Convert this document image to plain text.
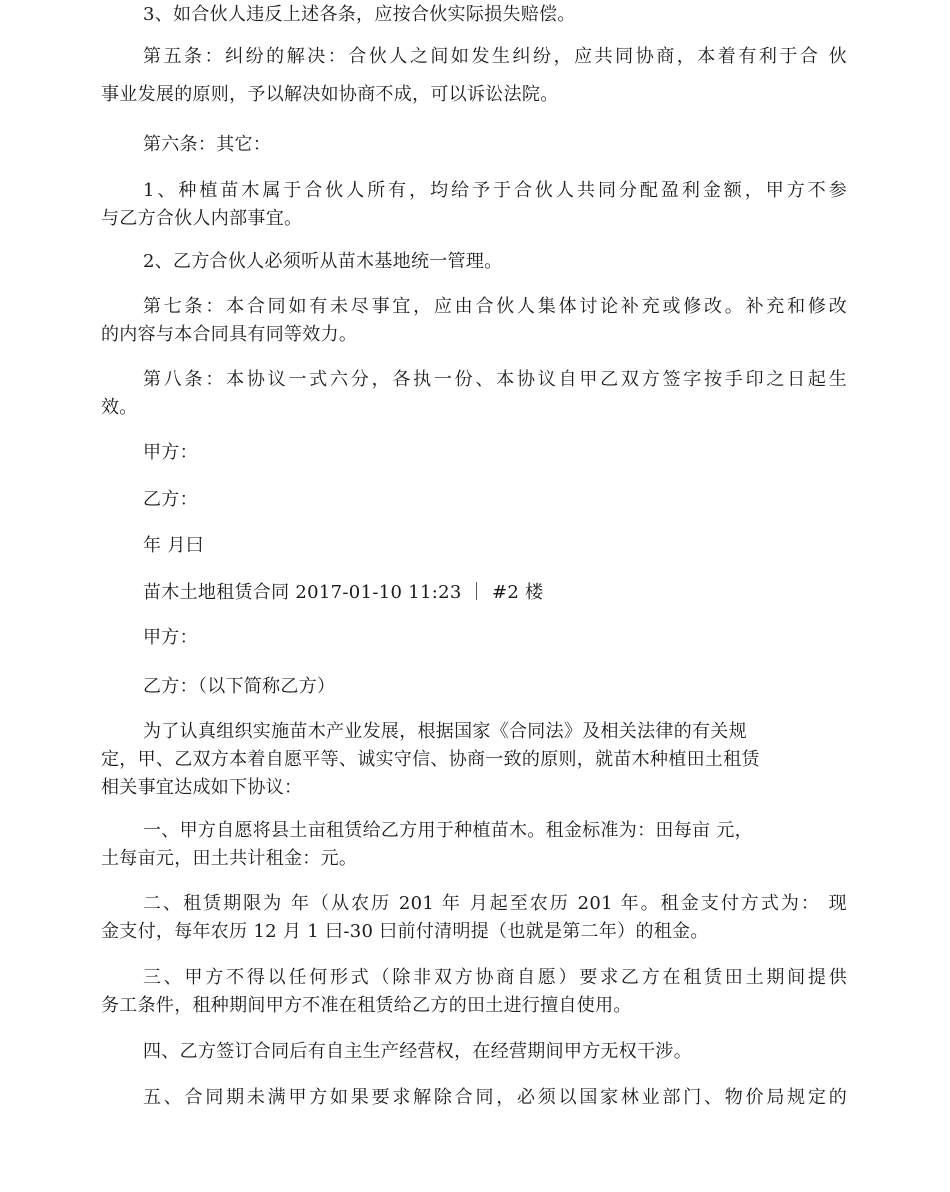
3、如合伙人违反上述各条，应按合伙实际损失赔偿。
第五条：纠纷的解决：合伙人之间如发生纠纷，应共同协商，本着有利于合 伙
事业发展的原则，予以解决如协商不成，可以诉讼法院。
第六条：其它：
1、种植苗木属于合伙人所有，均给予于合伙人共同分配盈利金额，甲方不参
与乙方合伙人内部事宜。
2、乙方合伙人必须听从苗木基地统一管理。
第七条：本合同如有未尽事宜，应由合伙人集体讨论补充或修改。补充和修改
的内容与本合同具有同等效力。
第八条：本协议一式六分，各执一份、本协议自甲乙双方签字按手印之日起生
效。
甲方：
乙方：
年 月曰
苗木土地租赁合同 2017-01-10 11:23 ｜ #2 楼
甲方：
乙方：（以下简称乙方）
为了认真组织实施苗木产业发展，根据国家《合同法》及相关法律的有关规
定，甲、乙双方本着自愿平等、诚实守信、协商一致的原则，就苗木种植田土租赁
相关事宜达成如下协议：
一、甲方自愿将县土亩租赁给乙方用于种植苗木。租金标准为：田每亩 元，
土每亩元，田土共计租金：元。
二、租赁期限为 年（从农历 201 年 月起至农历 201 年。租金支付方式为： 现
金支付，每年农历 12 月 1 曰-30 曰前付清明提（也就是第二年）的租金。
三、甲方不得以任何形式（除非双方协商自愿）要求乙方在租赁田土期间提供
务工条件，租种期间甲方不准在租赁给乙方的田土进行擅自使用。
四、乙方签订合同后有自主生产经营权，在经营期间甲方无权干涉。
五、合同期未满甲方如果要求解除合同，必须以国家林业部门、物价局规定的
